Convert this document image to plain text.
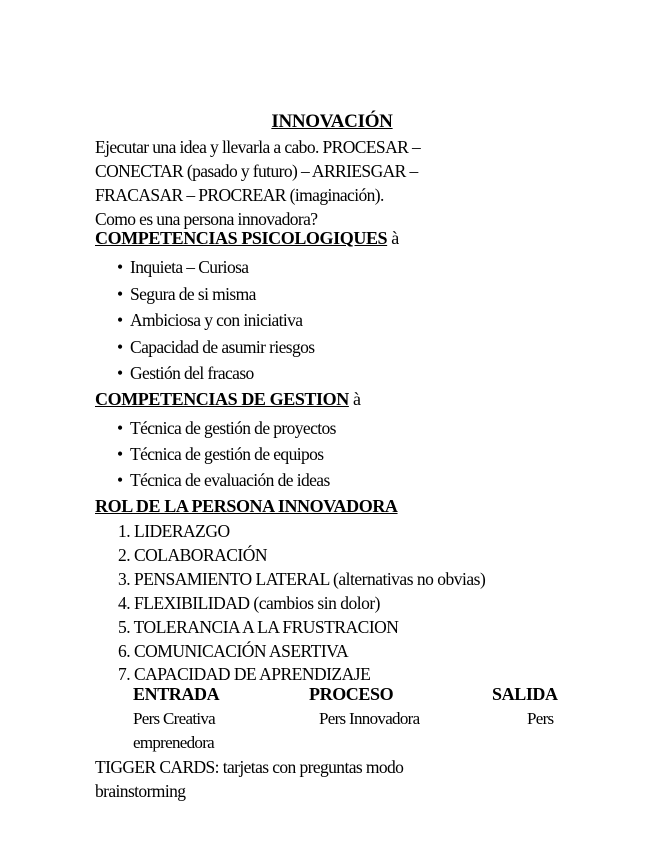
INNOVACIÓN
Ejecutar una idea y llevarla a cabo. PROCESAR –
CONECTAR (pasado y futuro) – ARRIESGAR –
FRACASAR – PROCREAR (imaginación).
Como es una persona innovadora?
COMPETENCIAS PSICOLOGIQUES à
• Inquieta – Curiosa
• Segura de si misma
• Ambiciosa y con iniciativa
• Capacidad de asumir riesgos
• Gestión del fracaso
COMPETENCIAS DE GESTION à
• Técnica de gestión de proyectos
• Técnica de gestión de equipos
• Técnica de evaluación de ideas
ROL DE LA PERSONA INNOVADORA
1. LIDERAZGO
2. COLABORACIÓN
3. PENSAMIENTO LATERAL (alternativas no obvias)
4. FLEXIBILIDAD (cambios sin dolor)
5. TOLERANCIA A LA FRUSTRACION
6. COMUNICACIÓN ASERTIVA
7. CAPACIDAD DE APRENDIZAJE
ENTRADA	PROCESO	SALIDA
Pers Creativa	Pers Innovadora	Pers
emprenedora
TIGGER CARDS: tarjetas con preguntas modo
brainstorming
